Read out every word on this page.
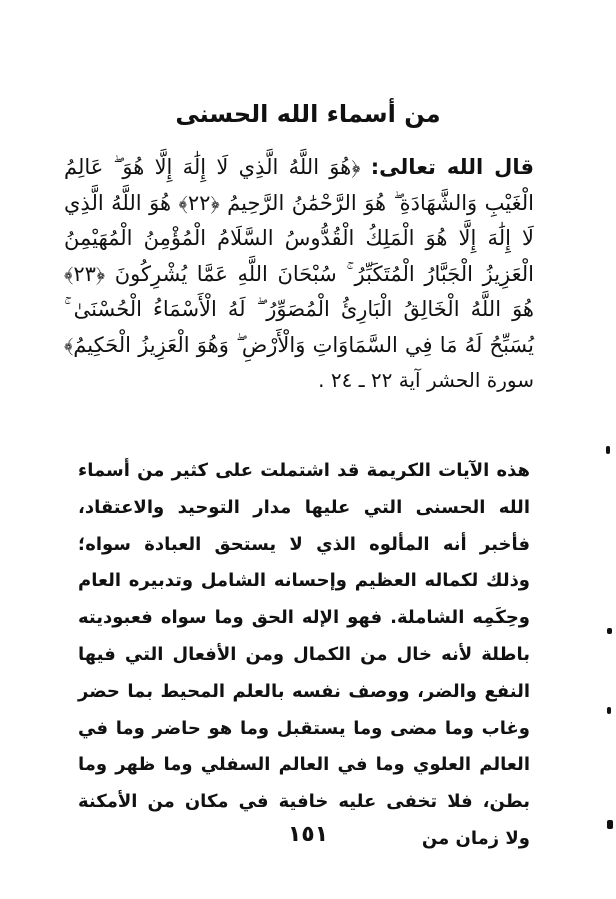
من أسماء الله الحسنى
قال الله تعالى: ﴿هُوَ اللَّهُ الَّذِي لَا إِلَٰهَ إِلَّا هُوَ ۖ عَالِمُ الْغَيْبِ وَالشَّهَادَةِ ۖ هُوَ الرَّحْمَٰنُ الرَّحِيمُ ﴿٢٢﴾ هُوَ اللَّهُ الَّذِي لَا إِلَٰهَ إِلَّا هُوَ الْمَلِكُ الْقُدُّوسُ السَّلَامُ الْمُؤْمِنُ الْمُهَيْمِنُ الْعَزِيزُ الْجَبَّارُ الْمُتَكَبِّرُ ۚ سُبْحَانَ اللَّهِ عَمَّا يُشْرِكُونَ ﴿٢٣﴾ هُوَ اللَّهُ الْخَالِقُ الْبَارِئُ الْمُصَوِّرُ ۖ لَهُ الْأَسْمَاءُ الْحُسْنَىٰ ۚ يُسَبِّحُ لَهُ مَا فِي السَّمَاوَاتِ وَالْأَرْضِ ۖ وَهُوَ الْعَزِيزُ الْحَكِيمُ﴾ سورة الحشر آية ٢٢ ـ ٢٤ .
هذه الآيات الكريمة قد اشتملت على كثير من أسماء الله الحسنى التي عليها مدار التوحيد والاعتقاد، فأخبر أنه المألوه الذي لا يستحق العبادة سواه؛ وذلك لكماله العظيم وإحسانه الشامل وتدبيره العام وحِكَمِه الشاملة. فهو الإله الحق وما سواه فعبوديته باطلة لأنه خال من الكمال ومن الأفعال التي فيها النفع والضر، ووصف نفسه بالعلم المحيط بما حضر وغاب وما مضى وما يستقبل وما هو حاضر وما في العالم العلوي وما في العالم السفلي وما ظهر وما بطن، فلا تخفى عليه خافية في مكان من الأمكنة ولا زمان من
١٥١
